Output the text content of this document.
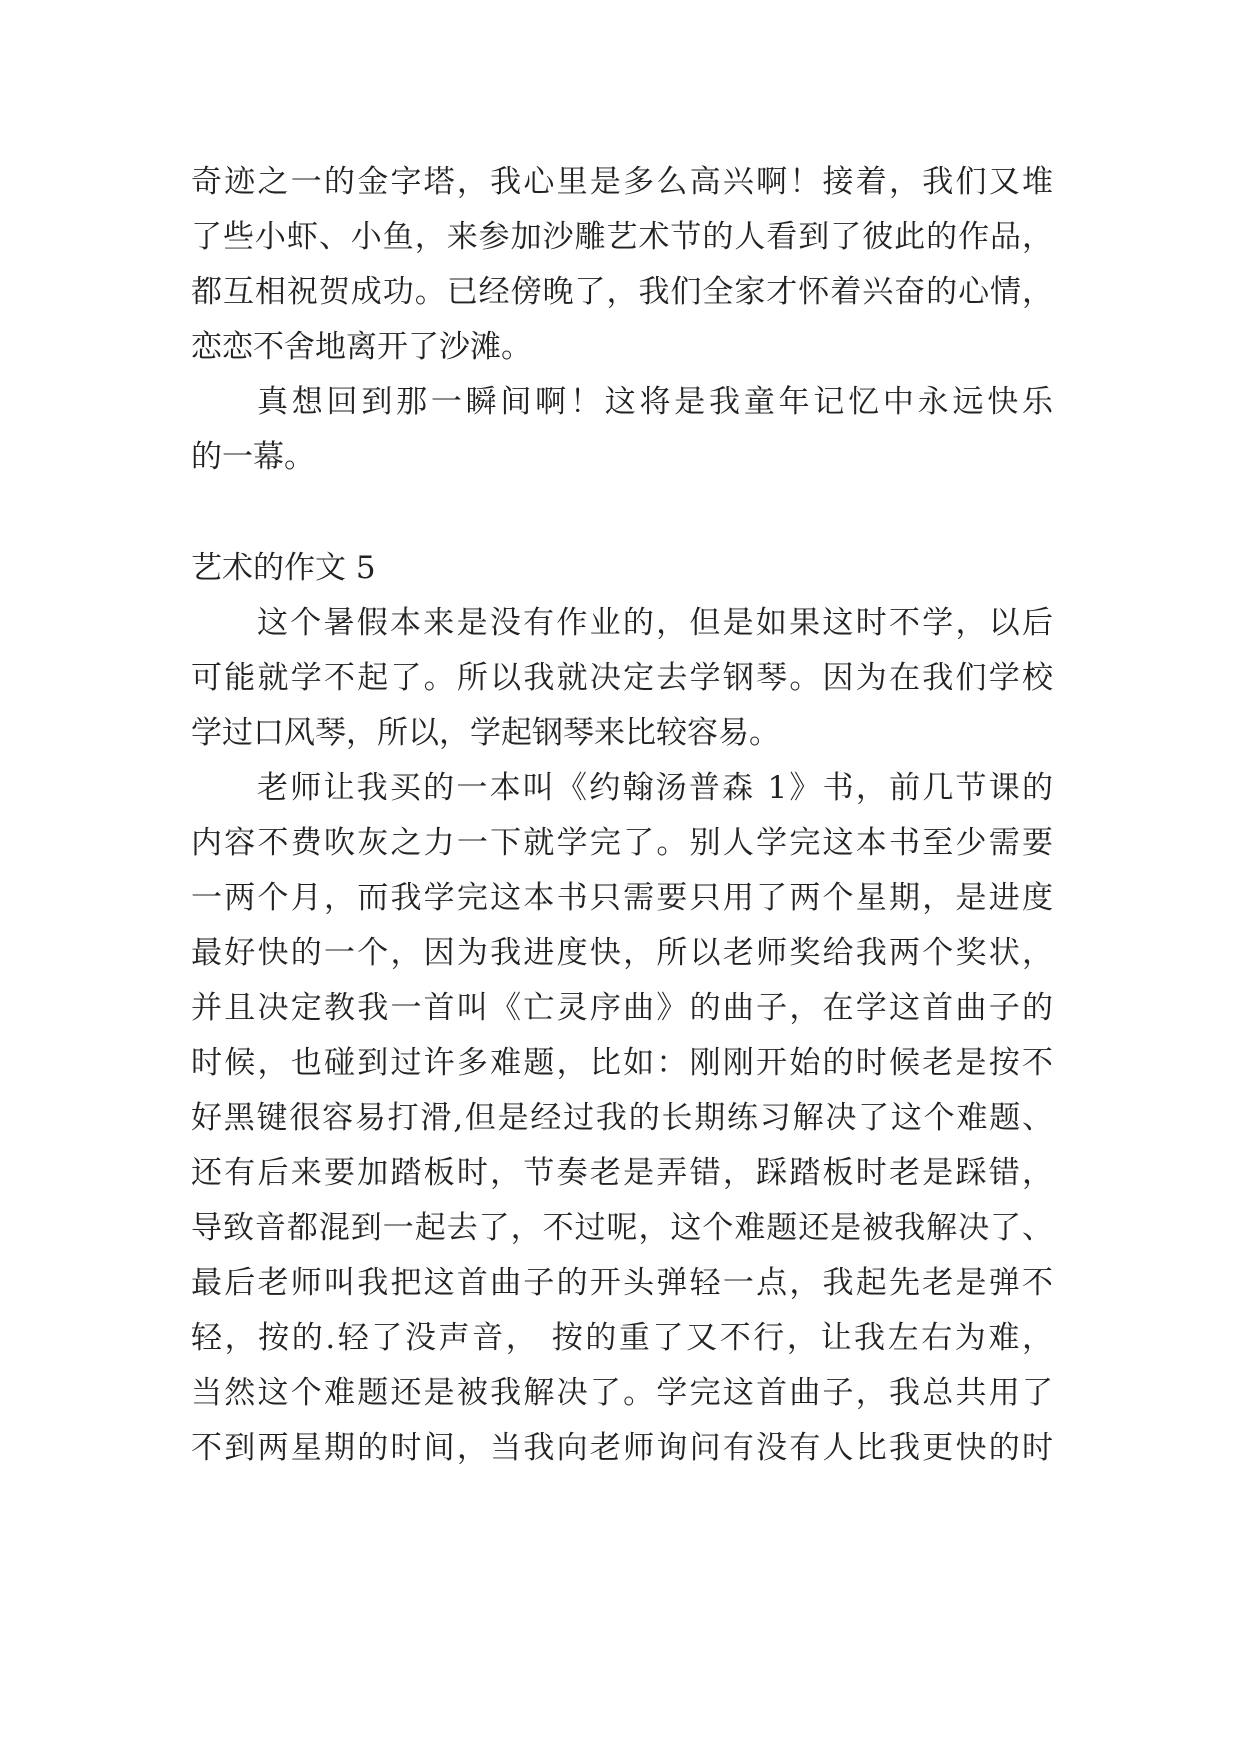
奇迹之一的金字塔，我心里是多么高兴啊！接着，我们又堆
了些小虾、小鱼，来参加沙雕艺术节的人看到了彼此的作品，
都互相祝贺成功。已经傍晚了，我们全家才怀着兴奋的心情，
恋恋不舍地离开了沙滩。
真想回到那一瞬间啊！这将是我童年记忆中永远快乐
的一幕。
艺术的作文 5
这个暑假本来是没有作业的，但是如果这时不学，以后
可能就学不起了。所以我就决定去学钢琴。因为在我们学校
学过口风琴，所以，学起钢琴来比较容易。
老师让我买的一本叫《约翰汤普森 1》书，前几节课的
内容不费吹灰之力一下就学完了。别人学完这本书至少需要
一两个月，而我学完这本书只需要只用了两个星期，是进度
最好快的一个，因为我进度快，所以老师奖给我两个奖状，
并且决定教我一首叫《亡灵序曲》的曲子，在学这首曲子的
时候，也碰到过许多难题，比如：刚刚开始的时候老是按不
好黑键很容易打滑,但是经过我的长期练习解决了这个难题、
还有后来要加踏板时，节奏老是弄错，踩踏板时老是踩错，
导致音都混到一起去了，不过呢，这个难题还是被我解决了、
最后老师叫我把这首曲子的开头弹轻一点，我起先老是弹不
轻，按的.轻了没声音， 按的重了又不行，让我左右为难，
当然这个难题还是被我解决了。学完这首曲子，我总共用了
不到两星期的时间，当我向老师询问有没有人比我更快的时
